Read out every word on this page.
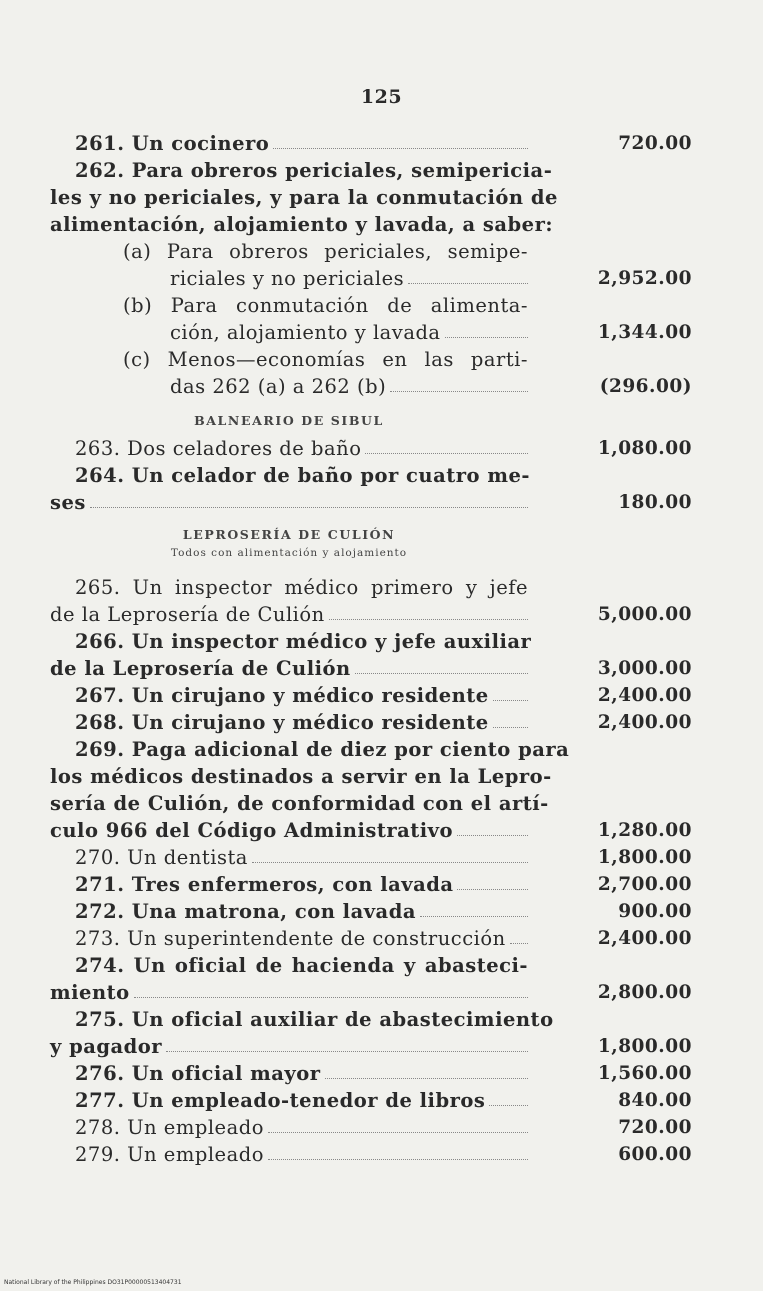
125
261. Un cocinero	720.00
262. Para obreros periciales, semipericia-
les y no periciales, y para la conmutación de
alimentación, alojamiento y lavada, a saber:
(a) Para obreros periciales, semipe-
riciales y no periciales	2,952.00
(b) Para conmutación de alimenta-
ción, alojamiento y lavada	1,344.00
(c) Menos—economías en las parti-
das 262 (a) a 262 (b)	(296.00)
263. Dos celadores de baño	1,080.00
264. Un celador de baño por cuatro me-
ses	180.00
265. Un inspector médico primero y jefe
de la Leprosería de Culión	5,000.00
266. Un inspector médico y jefe auxiliar
de la Leprosería de Culión	3,000.00
267. Un cirujano y médico residente	2,400.00
268. Un cirujano y médico residente	2,400.00
269. Paga adicional de diez por ciento para
los médicos destinados a servir en la Lepro-
sería de Culión, de conformidad con el artí-
culo 966 del Código Administrativo	1,280.00
270. Un dentista	1,800.00
271. Tres enfermeros, con lavada	2,700.00
272. Una matrona, con lavada	900.00
273. Un superintendente de construcción	2,400.00
274. Un oficial de hacienda y abasteci-
miento	2,800.00
275. Un oficial auxiliar de abastecimiento
y pagador	1,800.00
276. Un oficial mayor	1,560.00
277. Un empleado-tenedor de libros	840.00
278. Un empleado	720.00
279. Un empleado	600.00
BALNEARIO DE SIBUL
LEPROSERÍA DE CULIÓN
Todos con alimentación y alojamiento
National Library of the Philippines DO31P00000513404731
